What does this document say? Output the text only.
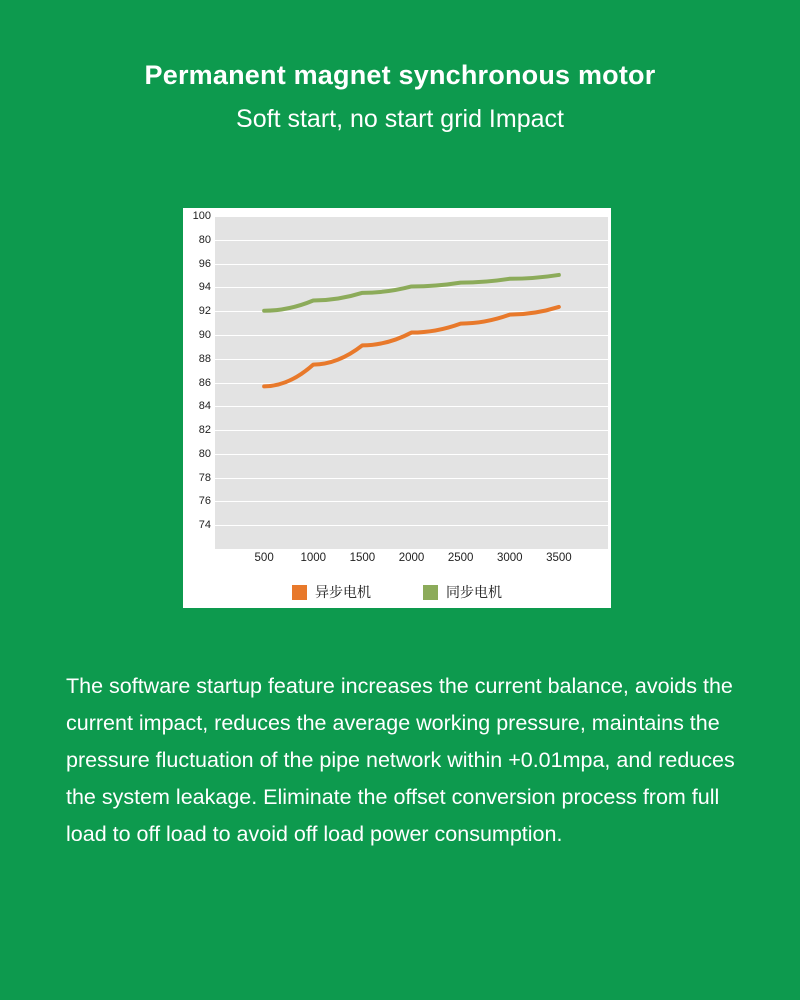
Permanent magnet synchronous motor
Soft start, no start grid Impact
74
76
78
80
82
84
86
88
90
92
94
96
80
100
500 1000 1500 2000 2500 3000 3500
异步电机	同步电机
The software startup feature increases the current balance, avoids the current impact, reduces the average working pressure, maintains the pressure fluctuation of the pipe network within +0.01mpa, and reduces the system leakage. Eliminate the offset conversion process from full load to off load to avoid off load power consumption.
